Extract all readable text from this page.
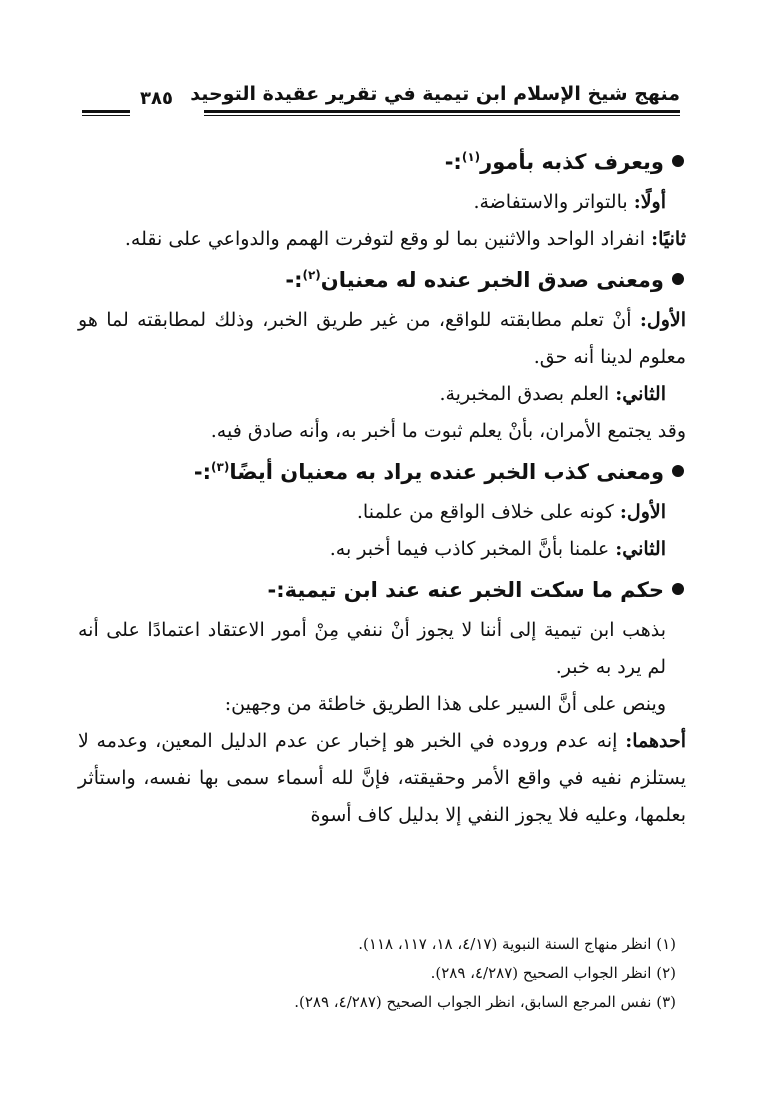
منهج شيخ الإسلام ابن تيمية في تقرير عقيدة التوحيد
٣٨٥

ويعرف كذبه بأمور$^{(١)}$:-

أولًا: بالتواتر والاستفاضة.

ثانيًا: انفراد الواحد والاثنين بما لو وقع لتوفرت الهمم والدواعي على نقله.

ومعنى صدق الخبر عنده له معنيان$^{(٢)}$:-

الأول: أنْ تعلم مطابقته للواقع، من غير طريق الخبر، وذلك لمطابقته لما هو معلوم لدينا أنه حق.

الثاني: العلم بصدق المخبرية.

وقد يجتمع الأمران، بأنْ يعلم ثبوت ما أخبر به، وأنه صادق فيه.

ومعنى كذب الخبر عنده يراد به معنيان أيضًا$^{(٣)}$:-

الأول: كونه على خلاف الواقع من علمنا.

الثاني: علمنا بأنَّ المخبر كاذب فيما أخبر به.

حكم ما سكت الخبر عنه عند ابن تيمية:-

بذهب ابن تيمية إلى أننا لا يجوز أنْ ننفي مِنْ أمور الاعتقاد اعتمادًا على أنه لم يرد به خبر.

وينص على أنَّ السير على هذا الطريق خاطئة من وجهين:

أحدهما: إنه عدم وروده في الخبر هو إخبار عن عدم الدليل المعين، وعدمه لا يستلزم نفيه في واقع الأمر وحقيقته، فإنَّ لله أسماء سمى بها نفسه، واستأثر بعلمها، وعليه فلا يجوز النفي إلا بدليل كاف أسوة

(١) انظر منهاج السنة النبوية (٤/١٧، ١٨، ١١٧، ١١٨).

(٢) انظر الجواب الصحيح (٤/٢٨٧، ٢٨٩).

(٣) نفس المرجع السابق، انظر الجواب الصحيح (٤/٢٨٧، ٢٨٩).
